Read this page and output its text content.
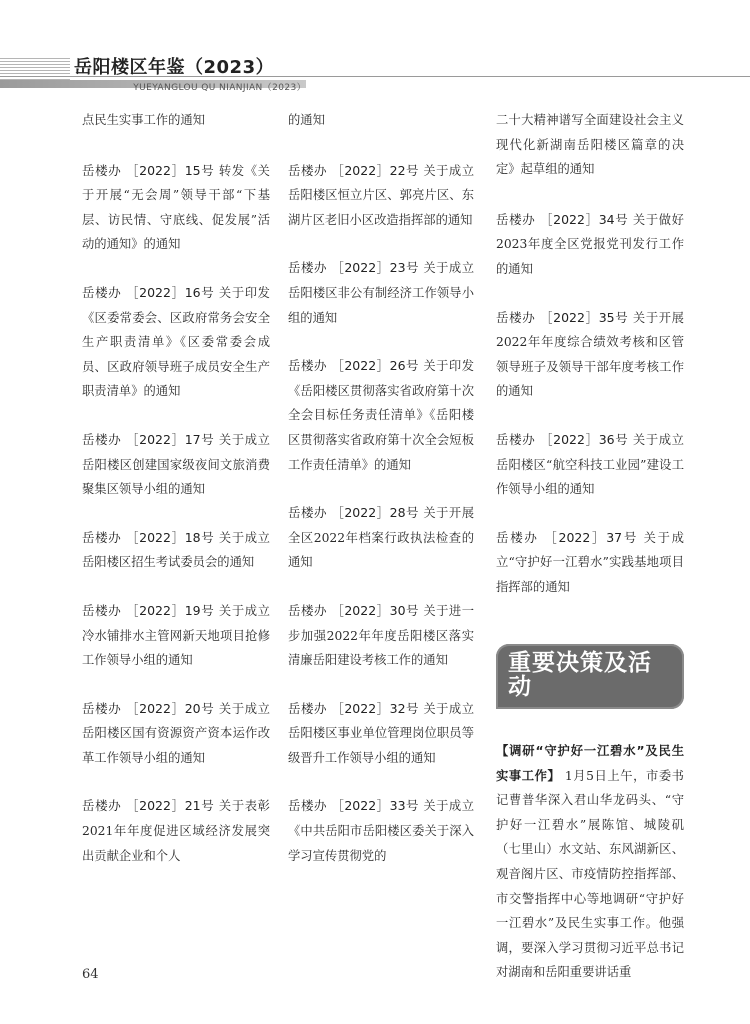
岳阳楼区年鉴（2023）
YUEYANGLOU QU NIANJIAN（2023）

点民生实事工作的通知

岳楼办 ［2022］15号 转发《关于开展“无会周”领导干部“下基层、访民情、守底线、促发展”活动的通知》的通知

岳楼办 ［2022］16号 关于印发《区委常委会、区政府常务会安全生产职责清单》《区委常委会成员、区政府领导班子成员安全生产职责清单》的通知

岳楼办 ［2022］17号 关于成立岳阳楼区创建国家级夜间文旅消费聚集区领导小组的通知

岳楼办 ［2022］18号 关于成立岳阳楼区招生考试委员会的通知

岳楼办 ［2022］19号 关于成立冷水铺排水主管网新天地项目抢修工作领导小组的通知

岳楼办 ［2022］20号 关于成立岳阳楼区国有资源资产资本运作改革工作领导小组的通知

岳楼办 ［2022］21号 关于表彰2021年年度促进区域经济发展突出贡献企业和个人

的通知

岳楼办 ［2022］22号 关于成立岳阳楼区恒立片区、郭亮片区、东湖片区老旧小区改造指挥部的通知

岳楼办 ［2022］23号 关于成立岳阳楼区非公有制经济工作领导小组的通知

岳楼办 ［2022］26号 关于印发《岳阳楼区贯彻落实省政府第十次全会目标任务责任清单》《岳阳楼区贯彻落实省政府第十次全会短板工作责任清单》的通知

岳楼办 ［2022］28号 关于开展全区2022年档案行政执法检查的通知

岳楼办 ［2022］30号 关于进一步加强2022年年度岳阳楼区落实清廉岳阳建设考核工作的通知

岳楼办 ［2022］32号 关于成立岳阳楼区事业单位管理岗位职员等级晋升工作领导小组的通知

岳楼办 ［2022］33号 关于成立《中共岳阳市岳阳楼区委关于深入学习宣传贯彻党的

二十大精神谱写全面建设社会主义现代化新湖南岳阳楼区篇章的决定》起草组的通知

岳楼办 ［2022］34号 关于做好2023年度全区党报党刊发行工作的通知

岳楼办 ［2022］35号 关于开展2022年年度综合绩效考核和区管领导班子及领导干部年度考核工作的通知

岳楼办 ［2022］36号 关于成立岳阳楼区“航空科技工业园”建设工作领导小组的通知

岳楼办 ［2022］37号 关于成立“守护好一江碧水”实践基地项目指挥部的通知

重要决策及活动

【调研“守护好一江碧水”及民生实事工作】 1月5日上午，市委书记曹普华深入君山华龙码头、“守护好一江碧水”展陈馆、城陵矶（七里山）水文站、东风湖新区、观音阁片区、市疫情防控指挥部、市交警指挥中心等地调研“守护好一江碧水”及民生实事工作。他强调，要深入学习贯彻习近平总书记对湖南和岳阳重要讲话重

64
